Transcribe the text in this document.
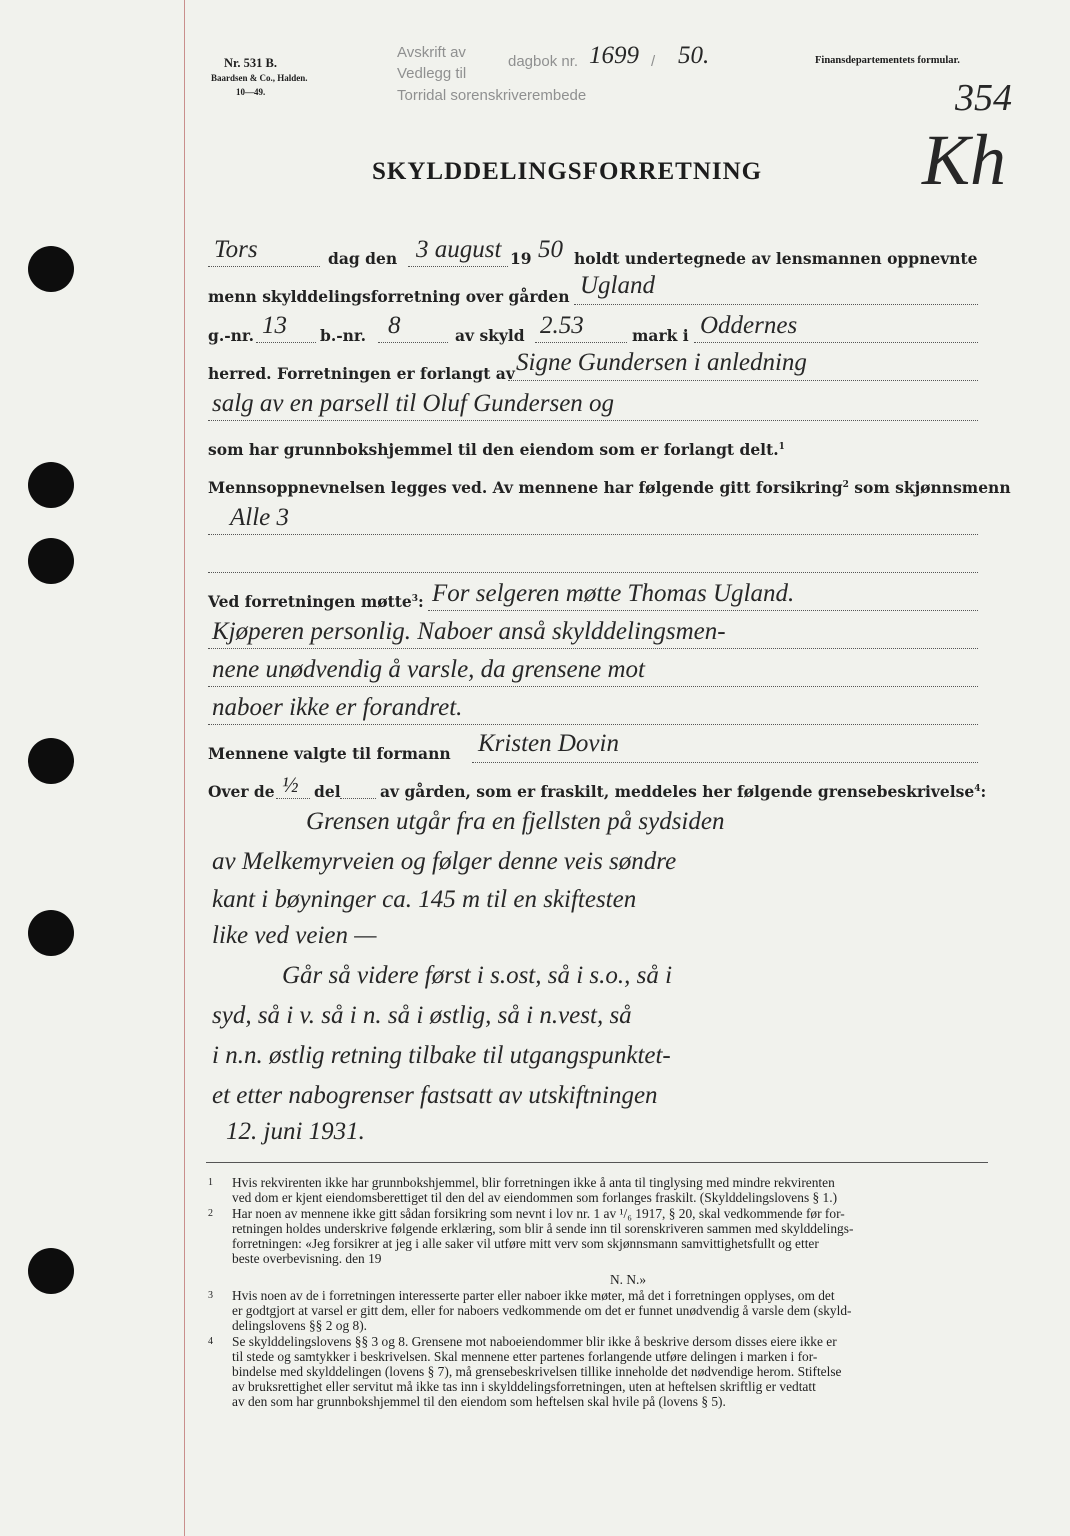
Nr. 531 B.
Baardsen & Co., Halden.
10—49.
Avskrift av
Vedlegg til
Torridal sorenskriverembede
dagbok nr. 1699 / 50.	Finansdepartementets formular.
354
Kh
SKYLDDELINGSFORRETNING
Tors	dag den 3 august 19 50 holdt undertegnede av lensmannen oppnevnte
menn skylddelingsforretning over gården Ugland
g.-nr. 13 b.-nr. 8	av skyld 2.53	mark i Oddernes
herred. Forretningen er forlangt av Signe Gundersen i anledning
salg av en parsell til Oluf Gundersen og
som har grunnbokshjemmel til den eiendom som er forlangt delt.$^1$
Mennsoppnevnelsen legges ved. Av mennene har følgende gitt forsikring$^2$ som skjønnsmenn
Alle 3
Ved forretningen møtte$^3$: For selgeren møtte Thomas Ugland.
Kjøperen personlig. Naboer anså skylddelingsmen-
nene unødvendig å varsle, da grensene mot
naboer ikke er forandret.
Mennene valgte til formann Kristen Dovin
Over de ½ del	av gården, som er fraskilt, meddeles her følgende grensebeskrivelse$^4$:
Grensen utgår fra en fjellsten på sydsiden
av Melkemyrveien og følger denne veis søndre
kant i bøyninger ca. 145 m til en skiftesten
like ved veien —
Går så videre først i s.ost, så i s.o., så i
syd, så i v. så i n. så i østlig, så i n.vest, så
i n.n. østlig retning tilbake til utgangspunktet-
et etter nabogrenser fastsatt av utskiftningen
12. juni 1931.
1 Hvis rekvirenten ikke har grunnbokshjemmel, blir forretningen ikke å anta til tinglysing med mindre rekvirenten
ved dom er kjent eiendomsberettiget til den del av eiendommen som forlanges fraskilt. (Skylddelingslovens § 1.)
2 Har noen av mennene ikke gitt sådan forsikring som nevnt i lov nr. 1 av ¹/₆ 1917, § 20, skal vedkommende før for-
retningen holdes underskrive følgende erklæring, som blir å sende inn til sorenskriveren sammen med skylddelings-
forretningen: «Jeg forsikrer at jeg i alle saker vil utføre mitt verv som skjønnsmann samvittighetsfullt og etter
beste overbevisning. den 19
N. N.»
3 Hvis noen av de i forretningen interesserte parter eller naboer ikke møter, må det i forretningen opplyses, om det
er godtgjort at varsel er gitt dem, eller for naboers vedkommende om det er funnet unødvendig å varsle dem (skyld-
delingslovens §§ 2 og 8).
4 Se skylddelingslovens §§ 3 og 8. Grensene mot naboeiendommer blir ikke å beskrive dersom disses eiere ikke er
til stede og samtykker i beskrivelsen. Skal mennene etter partenes forlangende utføre delingen i marken i for-
bindelse med skylddelingen (lovens § 7), må grensebeskrivelsen tillike inneholde det nødvendige herom. Stiftelse
av bruksrettighet eller servitut må ikke tas inn i skylddelingsforretningen, uten at heftelsen skriftlig er vedtatt
av den som har grunnbokshjemmel til den eiendom som heftelsen skal hvile på (lovens § 5).
